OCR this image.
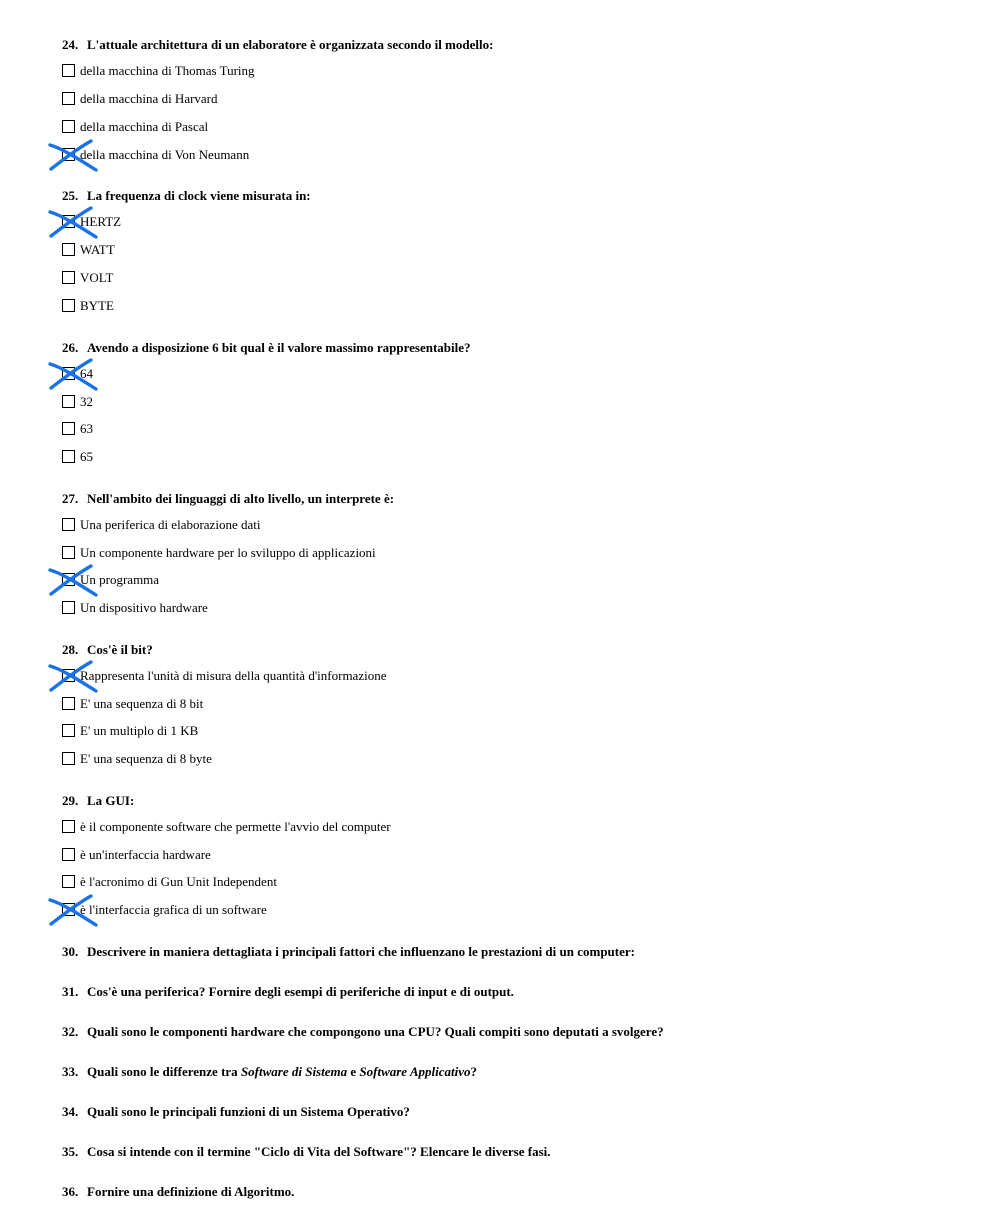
24. L'attuale architettura di un elaboratore è organizzata secondo il modello:
della macchina di Thomas Turing
della macchina di Harvard
della macchina di Pascal
della macchina di Von Neumann
25. La frequenza di clock viene misurata in:
HERTZ
WATT
VOLT
BYTE
26. Avendo a disposizione 6 bit qual è il valore massimo rappresentabile?
64
32
63
65
27. Nell'ambito dei linguaggi di alto livello, un interprete è:
Una periferica di elaborazione dati
Un componente hardware per lo sviluppo di applicazioni
Un programma
Un dispositivo hardware
28. Cos'è il bit?
Rappresenta l'unità di misura della quantità d'informazione
E' una sequenza di 8 bit
E' un multiplo di 1 KB
E' una sequenza di 8 byte
29. La GUI:
è il componente software che permette l'avvio del computer
è un'interfaccia hardware
è l'acronimo di Gun Unit Independent
è l'interfaccia grafica di un software
30. Descrivere in maniera dettagliata i principali fattori che influenzano le prestazioni di un computer:
31. Cos'è una periferica? Fornire degli esempi di periferiche di input e di output.
32. Quali sono le componenti hardware che compongono una CPU? Quali compiti sono deputati a svolgere?
33. Quali sono le differenze tra Software di Sistema e Software Applicativo?
34. Quali sono le principali funzioni di un Sistema Operativo?
35. Cosa si intende con il termine "Ciclo di Vita del Software"? Elencare le diverse fasi.
36. Fornire una definizione di Algoritmo.
